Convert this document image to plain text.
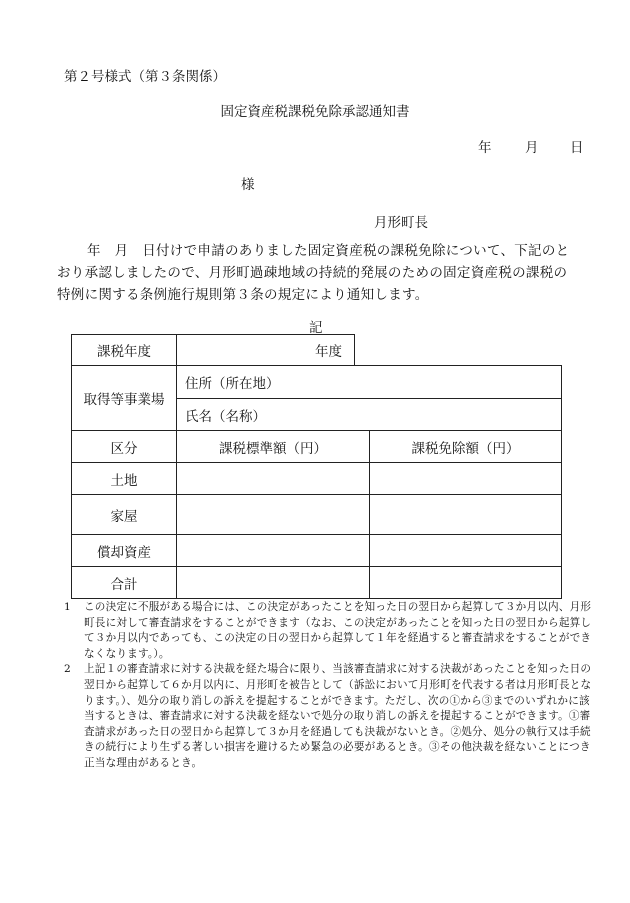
第２号様式（第３条関係）
固定資産税課税免除承認通知書
年 月 日
様
月形町長
年　月　日付けで申請のありました固定資産税の課税免除について、下記のとおり承認しましたので、月形町過疎地域の持続的発展のための固定資産税の課税の特例に関する条例施行規則第３条の規定により通知します。
記
課税年度	年度		
取得等事業場	住所（所在地）		
	氏名（名称）		
区分	課税標準額（円）		課税免除額（円）
土地			
家屋			
償却資産			
合計			
1 この決定に不服がある場合には、この決定があったことを知った日の翌日から起算して３か月以内、月形町長に対して審査請求をすることができます（なお、この決定があったことを知った日の翌日から起算して３か月以内であっても、この決定の日の翌日から起算して１年を経過すると審査請求をすることができなくなります。）。
2 上記１の審査請求に対する決裁を経た場合に限り、当該審査請求に対する決裁があったことを知った日の翌日から起算して６か月以内に、月形町を被告として（訴訟において月形町を代表する者は月形町長となります。）、処分の取り消しの訴えを提起することができます。ただし、次の①から③までのいずれかに該当するときは、審査請求に対する決裁を経ないで処分の取り消しの訴えを提起することができます。①審査請求があった日の翌日から起算して３か月を経過しても決裁がないとき。②処分、処分の執行又は手続きの続行により生ずる著しい損害を避けるため緊急の必要があるとき。③その他決裁を経ないことにつき正当な理由があるとき。
